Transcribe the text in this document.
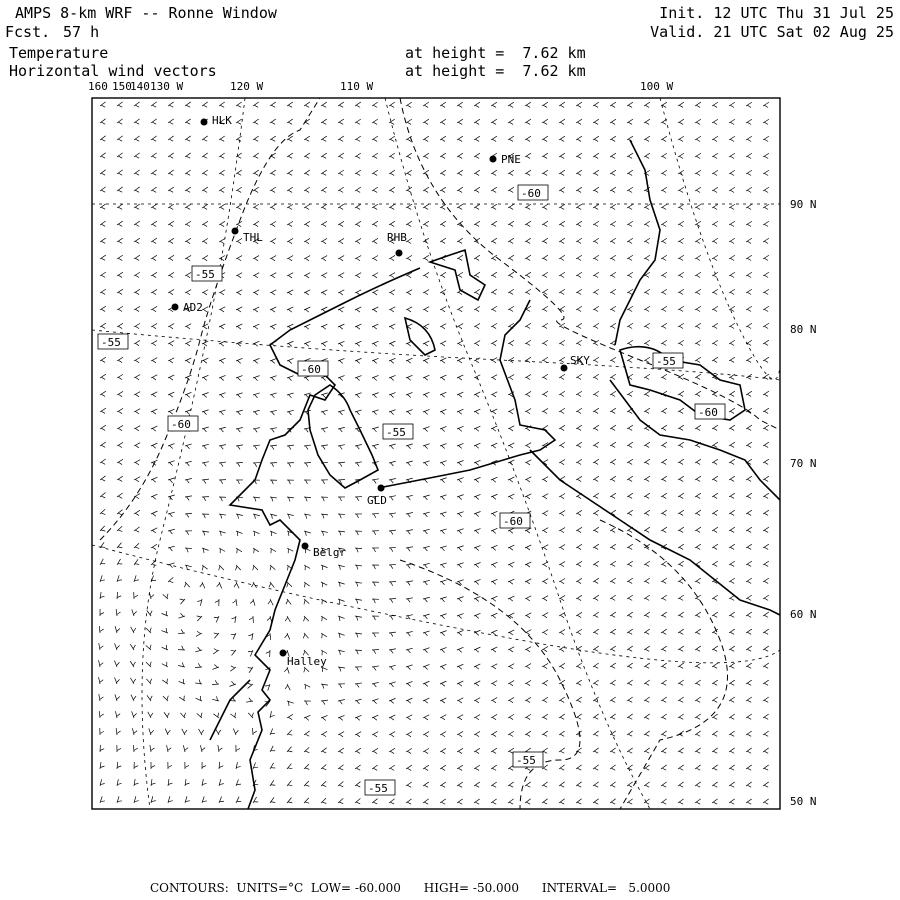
AMPS 8-km WRF -- Ronne Window
Fcst. 57 h
Init. 12 UTC Thu 31 Jul 25
Valid. 21 UTC Sat 02 Aug 25
Temperature
Horizontal wind vectors
at height =  7.62 km
at height =  7.62 km
160 150
140 130 W	120 W	110 W	100 W
90 N
80 N
70 N
60 N
50 N
HLK
PNE
THL	RHB
AD2
SKY
GLD
Belgr
Halley
-60
-55
-60
-55
-60
-55
-60
-55
-60
-55
-55
CONTOURS:  UNITS=°C  LOW= -60.000      HIGH= -50.000      INTERVAL=   5.0000
